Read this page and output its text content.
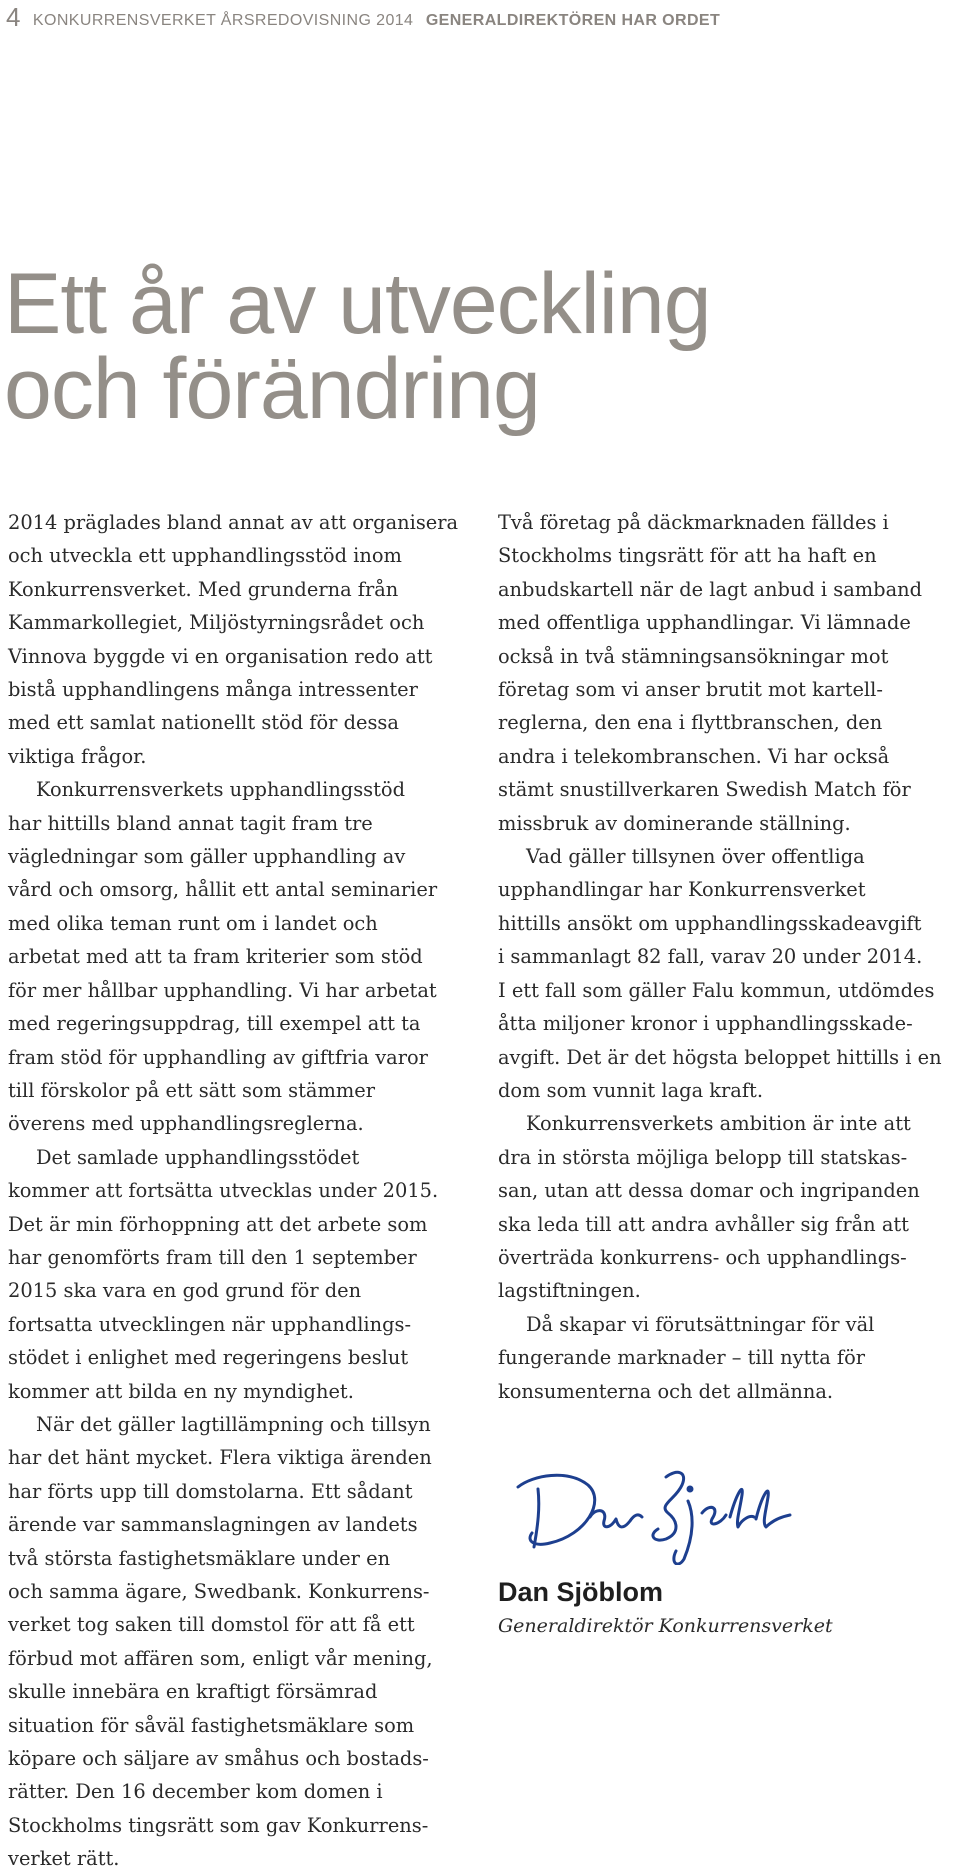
4 KONKURRENSVERKET ÅRSREDOVISNING 2014 GENERALDIREKTÖREN HAR ORDET
Ett år av utveckling
och förändring
2014 präglades bland annat av att organisera
och utveckla ett upphandlingsstöd inom
Konkurrensverket. Med grunderna från
Kammarkollegiet, Miljöstyrningsrådet och
Vinnova byggde vi en organisation redo att
bistå upphandlingens många intressenter
med ett samlat nationellt stöd för dessa
viktiga frågor.
Konkurrensverkets upphandlingsstöd
har hittills bland annat tagit fram tre
vägledningar som gäller upphandling av
vård och omsorg, hållit ett antal seminarier
med olika teman runt om i landet och
arbetat med att ta fram kriterier som stöd
för mer hållbar upphandling. Vi har arbetat
med regeringsuppdrag, till exempel att ta
fram stöd för upphandling av giftfria varor
till förskolor på ett sätt som stämmer
överens med upphandlingsreglerna.
Det samlade upphandlingsstödet
kommer att fortsätta utvecklas under 2015.
Det är min förhoppning att det arbete som
har genomförts fram till den 1 september
2015 ska vara en god grund för den
fortsatta utvecklingen när upphandlings-
stödet i enlighet med regeringens beslut
kommer att bilda en ny myndighet.
När det gäller lagtillämpning och tillsyn
har det hänt mycket. Flera viktiga ärenden
har förts upp till domstolarna. Ett sådant
ärende var sammanslagningen av landets
två största fastighetsmäklare under en
och samma ägare, Swedbank. Konkurrens-
verket tog saken till domstol för att få ett
förbud mot affären som, enligt vår mening,
skulle innebära en kraftigt försämrad
situation för såväl fastighetsmäklare som
köpare och säljare av småhus och bostads-
rätter. Den 16 december kom domen i
Stockholms tingsrätt som gav Konkurrens-
verket rätt.
Två företag på däckmarknaden fälldes i
Stockholms tingsrätt för att ha haft en
anbudskartell när de lagt anbud i samband
med offentliga upphandlingar. Vi lämnade
också in två stämningsansökningar mot
företag som vi anser brutit mot kartell-
reglerna, den ena i flyttbranschen, den
andra i telekombranschen. Vi har också
stämt snustillverkaren Swedish Match för
missbruk av dominerande ställning.
Vad gäller tillsynen över offentliga
upphandlingar har Konkurrensverket
hittills ansökt om upphandlingsskadeavgift
i sammanlagt 82 fall, varav 20 under 2014.
I ett fall som gäller Falu kommun, utdömdes
åtta miljoner kronor i upphandlingsskade-
avgift. Det är det högsta beloppet hittills i en
dom som vunnit laga kraft.
Konkurrensverkets ambition är inte att
dra in största möjliga belopp till statskas-
san, utan att dessa domar och ingripanden
ska leda till att andra avhåller sig från att
överträda konkurrens- och upphandlings-
lagstiftningen.
Då skapar vi förutsättningar för väl
fungerande marknader – till nytta för
konsumenterna och det allmänna.
Dan Sjöblom
Generaldirektör Konkurrensverket
